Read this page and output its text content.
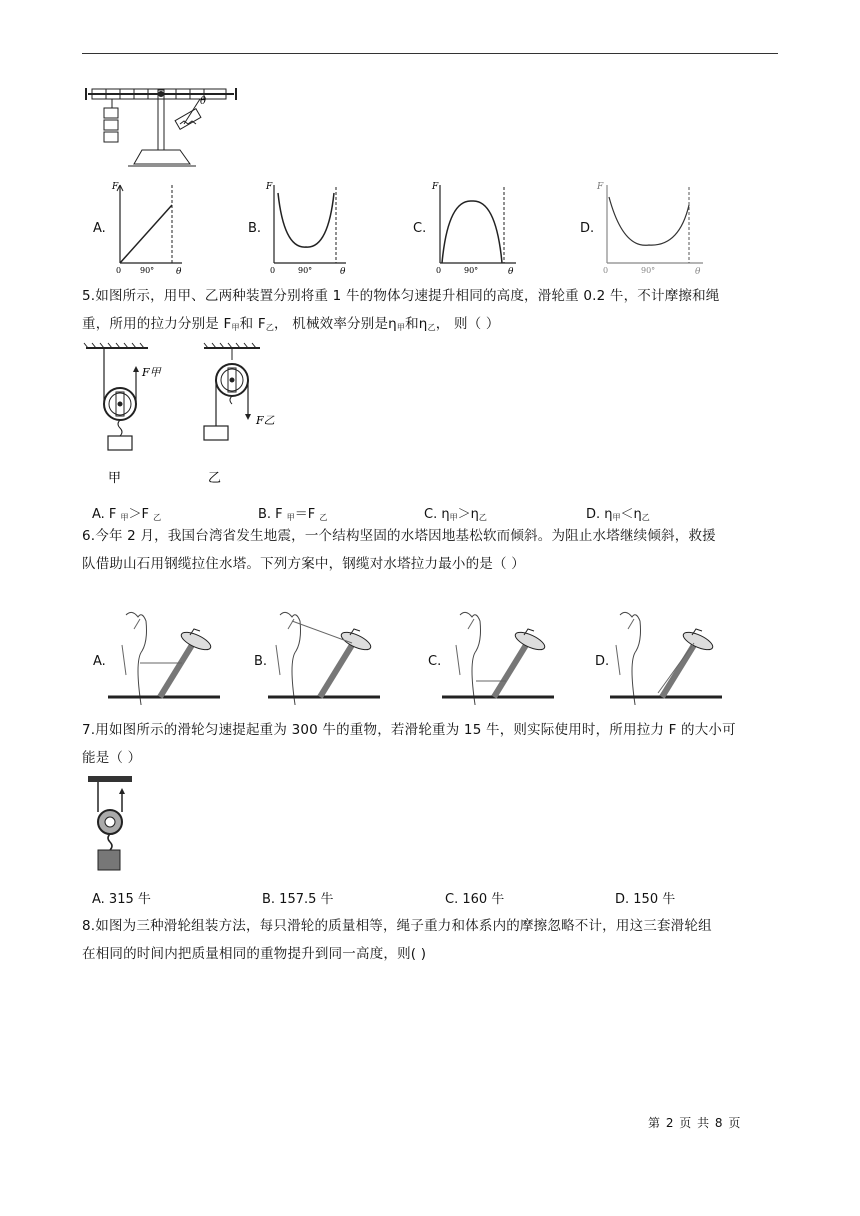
θ
A.
F
0 90° θ
B.
F
0	90°	θ
C.
F
0	90°	θ
D.
F
0	90°	θ
5.如图所示，用甲、乙两种装置分别将重 1 牛的物体匀速提升相同的高度，滑轮重 0.2 牛，不计摩擦和绳
重，所用的拉力分别是 $F_甲$和 $F_乙$， 机械效率分别是$\eta_甲$和$\eta_乙$， 则（ ）
F甲
甲
F乙
乙
A. F $_甲$＞F $_乙$	B. F $_甲$＝F $_乙$	C. $\eta_甲>\eta_乙$	D. $\eta_甲<\eta_乙$
6.今年 2 月，我国台湾省发生地震，一个结构坚固的水塔因地基松软而倾斜。为阻止水塔继续倾斜，救援
队借助山石用钢缆拉住水塔。下列方案中，钢缆对水塔拉力最小的是（ ）
A.	B.	C.	D.
7.用如图所示的滑轮匀速提起重为 300 牛的重物，若滑轮重为 15 牛，则实际使用时，所用拉力 F 的大小可
能是（ ）
A. 315 牛	B. 157.5 牛	C. 160 牛	D. 150 牛
8.如图为三种滑轮组装方法，每只滑轮的质量相等，绳子重力和体系内的摩擦忽略不计，用这三套滑轮组
在相同的时间内把质量相同的重物提升到同一高度，则( )
第 2 页 共 8 页
